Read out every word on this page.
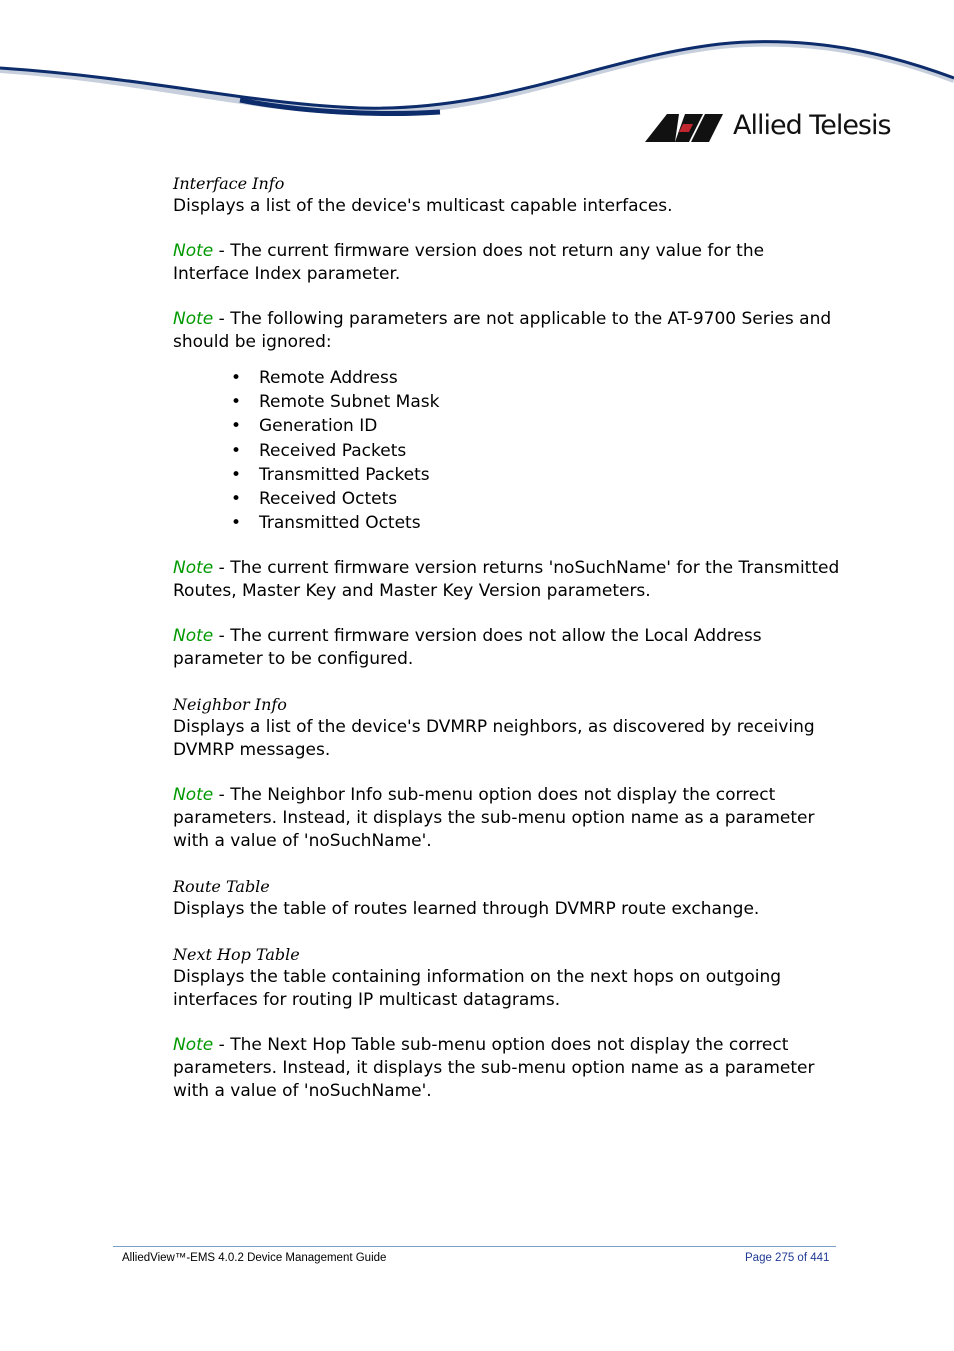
Allied Telesis

Interface Info

Displays a list of the device's multicast capable interfaces.

Note - The current firmware version does not return any value for the Interface Index parameter.

Note - The following parameters are not applicable to the AT-9700 Series and should be ignored:

• Remote Address
• Remote Subnet Mask
• Generation ID
• Received Packets
• Transmitted Packets
• Received Octets
• Transmitted Octets

Note - The current firmware version returns 'noSuchName' for the Transmitted Routes, Master Key and Master Key Version parameters.

Note - The current firmware version does not allow the Local Address parameter to be configured.

Neighbor Info

Displays a list of the device's DVMRP neighbors, as discovered by receiving DVMRP messages.

Note - The Neighbor Info sub-menu option does not display the correct parameters. Instead, it displays the sub-menu option name as a parameter with a value of 'noSuchName'.

Route Table

Displays the table of routes learned through DVMRP route exchange.

Next Hop Table

Displays the table containing information on the next hops on outgoing interfaces for routing IP multicast datagrams.

Note - The Next Hop Table sub-menu option does not display the correct parameters. Instead, it displays the sub-menu option name as a parameter with a value of 'noSuchName'.

AlliedView™-EMS 4.0.2 Device Management Guide	Page 275 of 441
